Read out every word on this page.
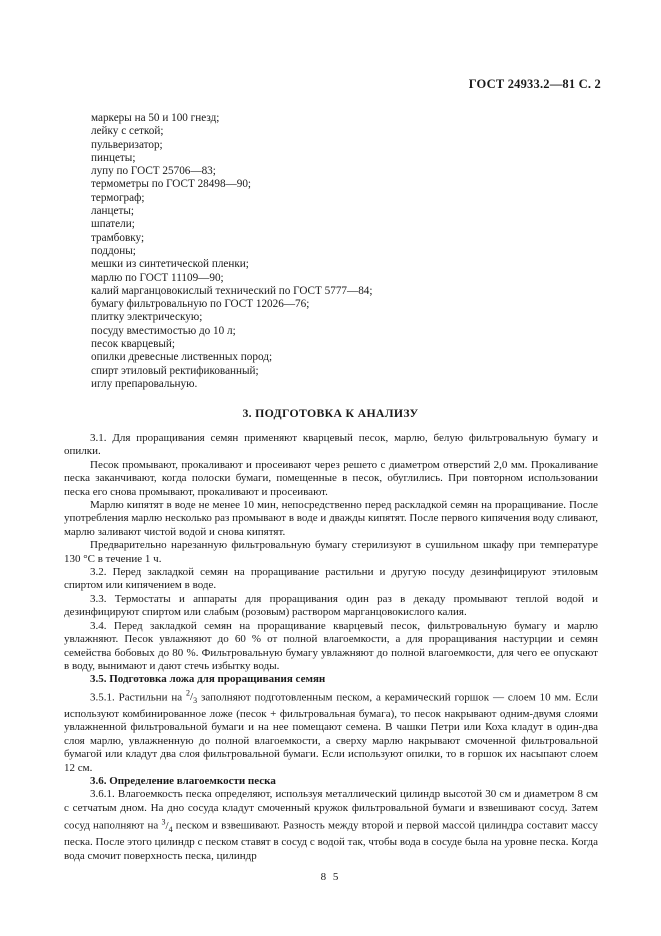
ГОСТ 24933.2—81 С. 2
маркеры на 50 и 100 гнезд;
лейку с сеткой;
пульверизатор;
пинцеты;
лупу по ГОСТ 25706—83;
термометры по ГОСТ 28498—90;
термограф;
ланцеты;
шпатели;
трамбовку;
поддоны;
мешки из синтетической пленки;
марлю по ГОСТ 11109—90;
калий марганцовокислый технический по ГОСТ 5777—84;
бумагу фильтровальную по ГОСТ 12026—76;
плитку электрическую;
посуду вместимостью до 10 л;
песок кварцевый;
опилки древесные лиственных пород;
спирт этиловый ректификованный;
иглу препаровальную.
3. ПОДГОТОВКА К АНАЛИЗУ

3.1. Для проращивания семян применяют кварцевый песок, марлю, белую фильтровальную бумагу и опилки.

Песок промывают, прокаливают и просеивают через решето с диаметром отверстий 2,0 мм. Прокаливание песка заканчивают, когда полоски бумаги, помещенные в песок, обуглились. При повторном использовании песка его снова промывают, прокаливают и просеивают.

Марлю кипятят в воде не менее 10 мин, непосредственно перед раскладкой семян на проращивание. После употребления марлю несколько раз промывают в воде и дважды кипятят. После первого кипячения воду сливают, марлю заливают чистой водой и снова кипятят.

Предварительно нарезанную фильтровальную бумагу стерилизуют в сушильном шкафу при температуре 130 °С в течение 1 ч.

3.2. Перед закладкой семян на проращивание растильни и другую посуду дезинфицируют этиловым спиртом или кипячением в воде.

3.3. Термостаты и аппараты для проращивания один раз в декаду промывают теплой водой и дезинфицируют спиртом или слабым (розовым) раствором марганцовокислого калия.

3.4. Перед закладкой семян на проращивание кварцевый песок, фильтровальную бумагу и марлю увлажняют. Песок увлажняют до 60 % от полной влагоемкости, а для проращивания настурции и семян семейства бобовых до 80 %. Фильтровальную бумагу увлажняют до полной влагоемкости, для чего ее опускают в воду, вынимают и дают стечь избытку воды.

3.5. Подготовка ложа для проращивания семян

3.5.1. Растильни на $^2/_3$ заполняют подготовленным песком, а керамический горшок — слоем 10 мм. Если используют комбинированное ложе (песок + фильтровальная бумага), то песок накрывают одним-двумя слоями увлажненной фильтровальной бумаги и на нее помещают семена. В чашки Петри или Коха кладут в один-два слоя марлю, увлажненную до полной влагоемкости, а сверху марлю накрывают смоченной фильтровальной бумагой или кладут два слоя фильтровальной бумаги. Если используют опилки, то в горшок их насыпают слоем 12 см.

3.6. Определение влагоемкости песка

3.6.1. Влагоемкость песка определяют, используя металлический цилиндр высотой 30 см и диаметром 8 см с сетчатым дном. На дно сосуда кладут смоченный кружок фильтровальной бумаги и взвешивают сосуд. Затем сосуд наполняют на $^3/_4$ песком и взвешивают. Разность между второй и первой массой цилиндра составит массу песка. После этого цилиндр с песком ставят в сосуд с водой так, чтобы вода в сосуде была на уровне песка. Когда вода смочит поверхность песка, цилиндр

8 5
